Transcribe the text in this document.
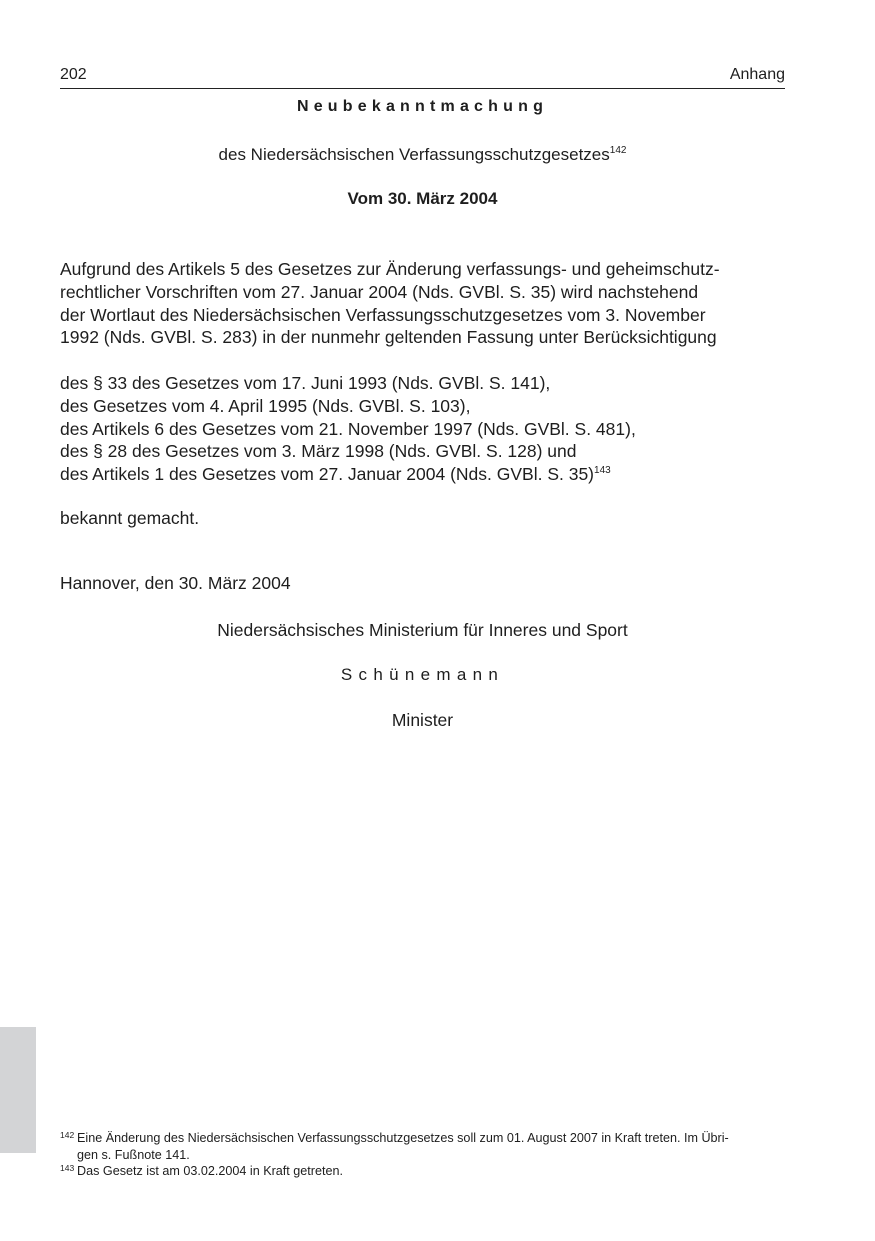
202	Anhang
Neubekanntmachung
des Niedersächsischen Verfassungsschutzgesetzes$^{142}$
Vom 30. März 2004
Aufgrund des Artikels 5 des Gesetzes zur Änderung verfassungs- und geheimschutz-
rechtlicher Vorschriften vom 27. Januar 2004 (Nds. GVBl. S. 35) wird nachstehend
der Wortlaut des Niedersächsischen Verfassungsschutzgesetzes vom 3. November
1992 (Nds. GVBl. S. 283) in der nunmehr geltenden Fassung unter Berücksichtigung
des § 33 des Gesetzes vom 17. Juni 1993 (Nds. GVBl. S. 141),
des Gesetzes vom 4. April 1995 (Nds. GVBl. S. 103),
des Artikels 6 des Gesetzes vom 21. November 1997 (Nds. GVBl. S. 481),
des § 28 des Gesetzes vom 3. März 1998 (Nds. GVBl. S. 128) und
des Artikels 1 des Gesetzes vom 27. Januar 2004 (Nds. GVBl. S. 35)$^{143}$
bekannt gemacht.
Hannover, den 30. März 2004
Niedersächsisches Ministerium für Inneres und Sport
Schünemann
Minister
142 Eine Änderung des Niedersächsischen Verfassungsschutzgesetzes soll zum 01. August 2007 in Kraft treten. Im Übri-
gen s. Fußnote 141.
143 Das Gesetz ist am 03.02.2004 in Kraft getreten.
